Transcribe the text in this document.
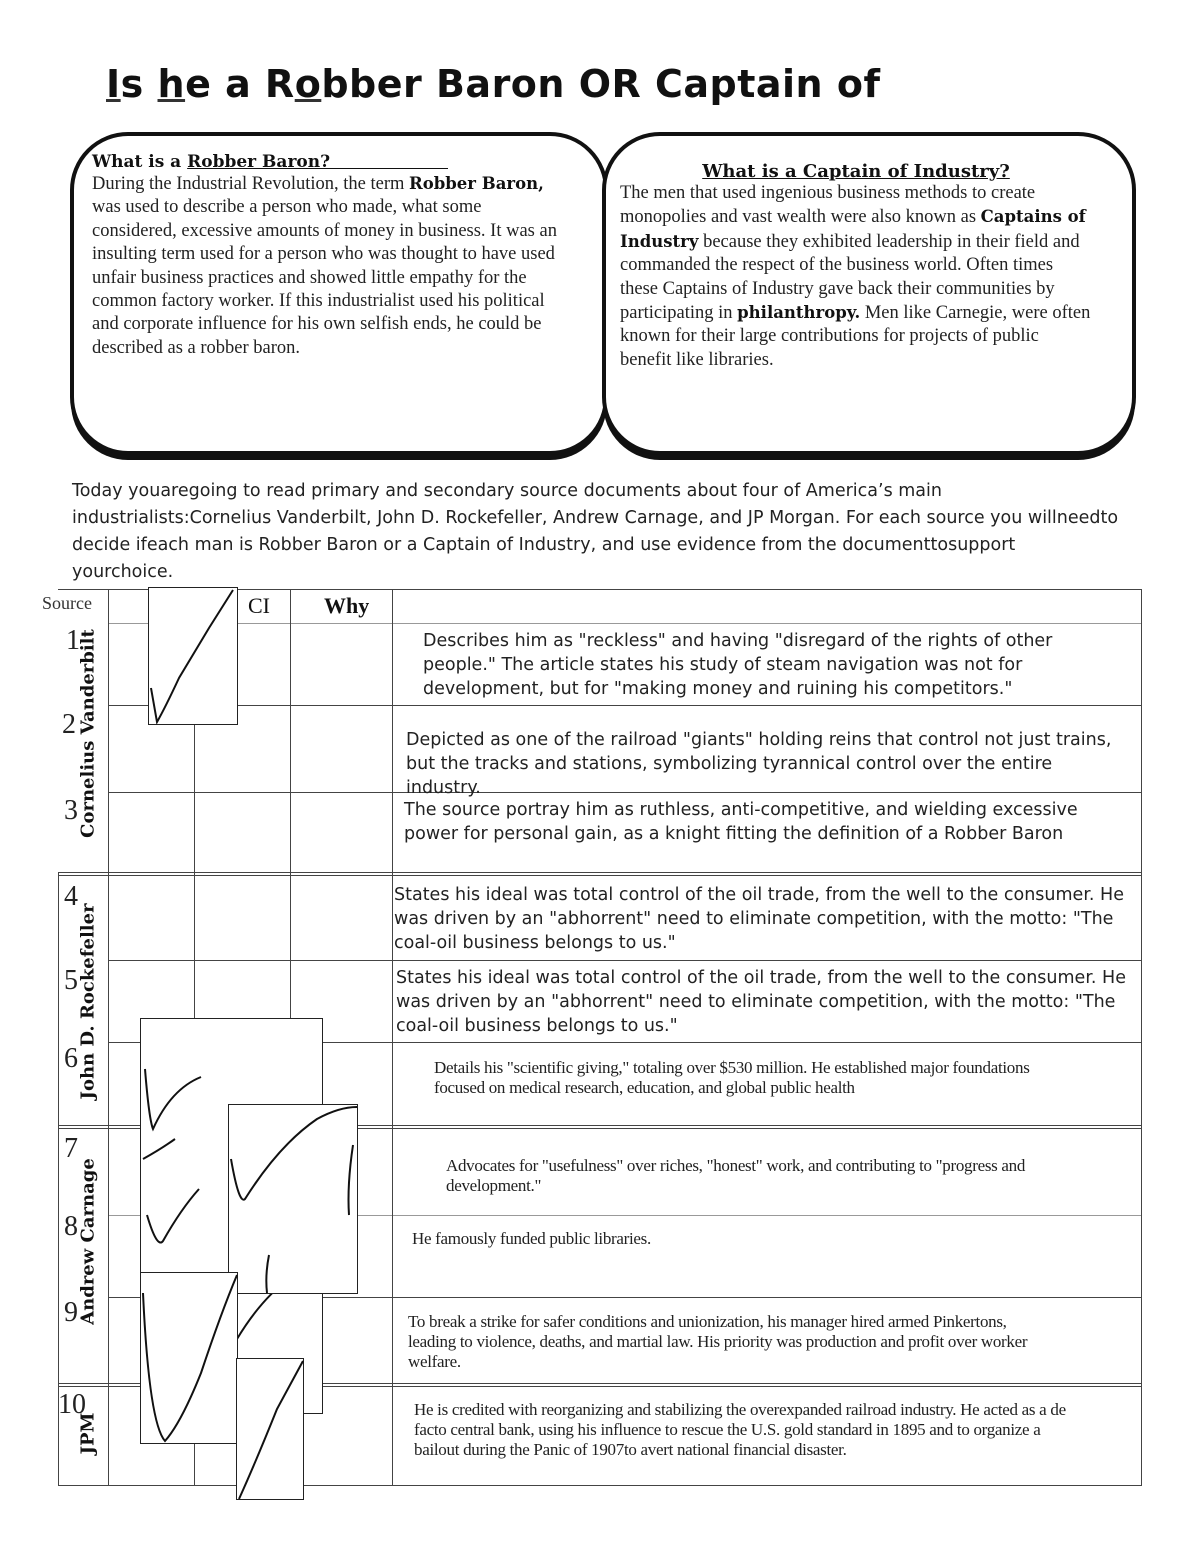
Is he a Robber Baron OR Captain of
What is a Robber Baron?

During the Industrial Revolution, the term Robber Baron, was used to describe a person who made, what some considered, excessive amounts of money in business. It was an insulting term used for a person who was thought to have used unfair business practices and showed little empathy for the common factory worker. If this industrialist used his political and corporate influence for his own selfish ends, he could be described as a robber baron.

What is a Captain of Industry?

The men that used ingenious business methods to create monopolies and vast wealth were also known as Captains of Industry because they exhibited leadership in their field and commanded the respect of the business world. Often times these Captains of Industry gave back their communities by participating in philanthropy. Men like Carnegie, were often known for their large contributions for projects of public benefit like libraries.

Today youaregoing to read primary and secondary source documents about four of America’s main industrialists:Cornelius Vanderbilt, John D. Rockefeller, Andrew Carnage, and JP Morgan. For each source you willneedto decide ifeach man is Robber Baron or a Captain of Industry, and use evidence from the documenttosupport yourchoice.

Source	CI Why
1
2
3
4
5
6
7
8
9
10
Cornelius Vanderbilt
John D. Rockefeller
Andrew Carnage
JPM

Describes him as "reckless" and having "disregard of the rights of other people." The article states his study of steam navigation was not for development, but for "making money and ruining his competitors."

Depicted as one of the railroad "giants" holding reins that control not just trains, but the tracks and stations, symbolizing tyrannical control over the entire industry.

The source portray him as ruthless, anti-competitive, and wielding excessive power for personal gain, as a knight fitting the definition of a Robber Baron

States his ideal was total control of the oil trade, from the well to the consumer. He was driven by an "abhorrent" need to eliminate competition, with the motto: "The coal-oil business belongs to us."

States his ideal was total control of the oil trade, from the well to the consumer. He was driven by an "abhorrent" need to eliminate competition, with the motto: "The coal-oil business belongs to us."

Details his "scientific giving," totaling over $530 million. He established major foundations focused on medical research, education, and global public health

Advocates for "usefulness" over riches, "honest" work, and contributing to "progress and development."

He famously funded public libraries.

To break a strike for safer conditions and unionization, his manager hired armed Pinkertons, leading to violence, deaths, and martial law. His priority was production and profit over worker welfare.

He is credited with reorganizing and stabilizing the overexpanded railroad industry. He acted as a de facto central bank, using his influence to rescue the U.S. gold standard in 1895 and to organize a bailout during the Panic of 1907to avert national financial disaster.
